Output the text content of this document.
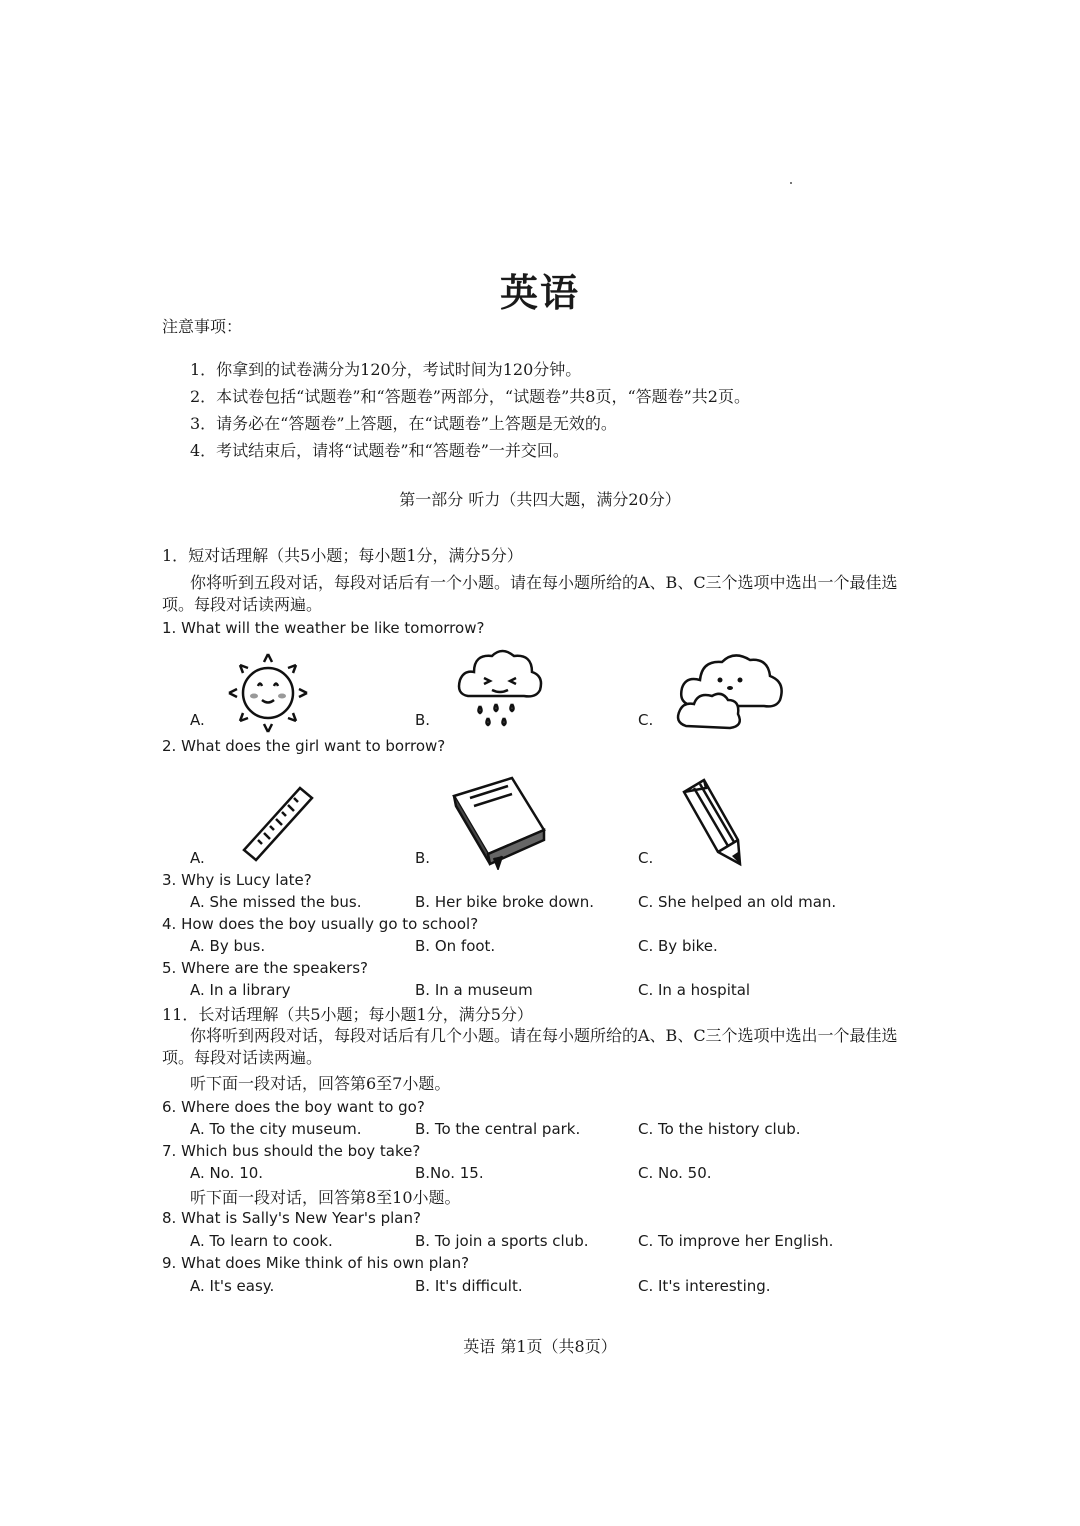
英语
注意事项：
1．你拿到的试卷满分为120分，考试时间为120分钟。
2．本试卷包括“试题卷”和“答题卷”两部分，“试题卷”共8页，“答题卷”共2页。
3．请务必在“答题卷”上答题，在“试题卷”上答题是无效的。
4．考试结束后，请将“试题卷”和“答题卷”一并交回。
第一部分 听力（共四大题，满分20分）
1．短对话理解（共5小题；每小题1分，满分5分）
你将听到五段对话，每段对话后有一个小题。请在每小题所给的A、B、C三个选项中选出一个最佳选项。每段对话读两遍。
1. What will the weather be like tomorrow?
A.	B.	C.
2. What does the girl want to borrow?
A.	B.	C.
3. Why is Lucy late?
A. She missed the bus.	B. Her bike broke down.	C. She helped an old man.
4. How does the boy usually go to school?
A. By bus.	B. On foot.	C. By bike.
5. Where are the speakers?
A. In a library	B. In a museum	C. In a hospital
11．长对话理解（共5小题；每小题1分，满分5分）
你将听到两段对话，每段对话后有几个小题。请在每小题所给的A、B、C三个选项中选出一个最佳选项。每段对话读两遍。
听下面一段对话，回答第6至7小题。
6. Where does the boy want to go?
A. To the city museum.	B. To the central park.	C. To the history club.
7. Which bus should the boy take?
A. No. 10.	B.No. 15.	C. No. 50.
听下面一段对话，回答第8至10小题。
8. What is Sally's New Year's plan?
A. To learn to cook.	B. To join a sports club.	C. To improve her English.
9. What does Mike think of his own plan?
A. It's easy.	B. It's difficult.	C. It's interesting.
英语 第1页（共8页）
